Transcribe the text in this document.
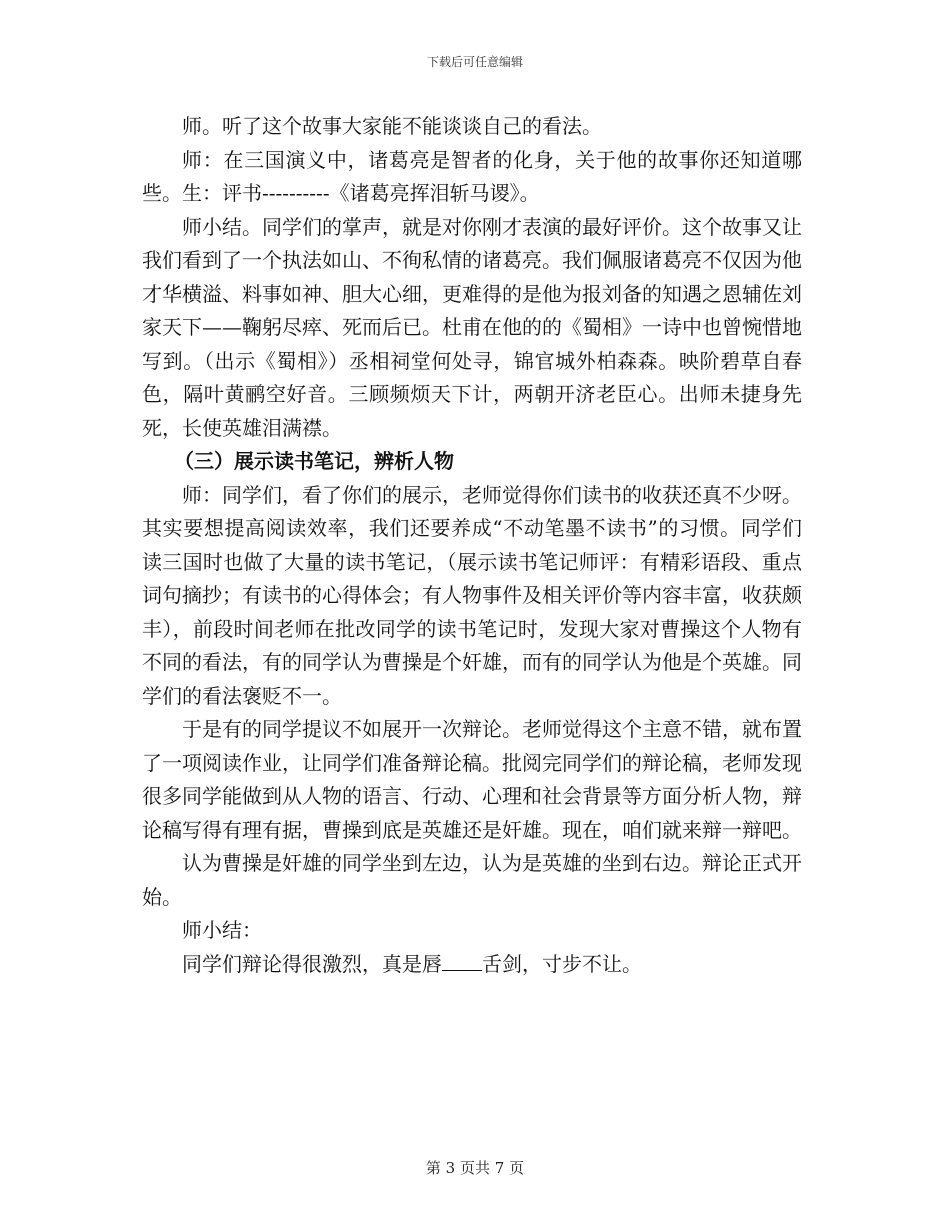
下载后可任意编辑

师。听了这个故事大家能不能谈谈自己的看法。

师：在三国演义中，诸葛亮是智者的化身，关于他的故事你还知道哪些。生：评书----------《诸葛亮挥泪斩马谡》。

师小结。同学们的掌声，就是对你刚才表演的最好评价。这个故事又让我们看到了一个执法如山、不徇私情的诸葛亮。我们佩服诸葛亮不仅因为他才华横溢、料事如神、胆大心细，更难得的是他为报刘备的知遇之恩辅佐刘家天下——鞠躬尽瘁、死而后已。杜甫在他的的《蜀相》一诗中也曾惋惜地写到。（出示《蜀相》）丞相祠堂何处寻，锦官城外柏森森。映阶碧草自春色，隔叶黄鹂空好音。三顾频烦天下计，两朝开济老臣心。出师未捷身先死，长使英雄泪满襟。

（三）展示读书笔记，辨析人物

师：同学们，看了你们的展示，老师觉得你们读书的收获还真不少呀。其实要想提高阅读效率，我们还要养成“不动笔墨不读书”的习惯。同学们读三国时也做了大量的读书笔记，（展示读书笔记师评：有精彩语段、重点词句摘抄；有读书的心得体会；有人物事件及相关评价等内容丰富，收获颇丰），前段时间老师在批改同学的读书笔记时，发现大家对曹操这个人物有不同的看法，有的同学认为曹操是个奸雄，而有的同学认为他是个英雄。同学们的看法褒贬不一。

于是有的同学提议不如展开一次辩论。老师觉得这个主意不错，就布置了一项阅读作业，让同学们准备辩论稿。批阅完同学们的辩论稿，老师发现很多同学能做到从人物的语言、行动、心理和社会背景等方面分析人物，辩论稿写得有理有据，曹操到底是英雄还是奸雄。现在，咱们就来辩一辩吧。

认为曹操是奸雄的同学坐到左边，认为是英雄的坐到右边。辩论正式开始。

师小结：

同学们辩论得很激烈，真是唇 舌剑，寸步不让。

第 3 页共 7 页
